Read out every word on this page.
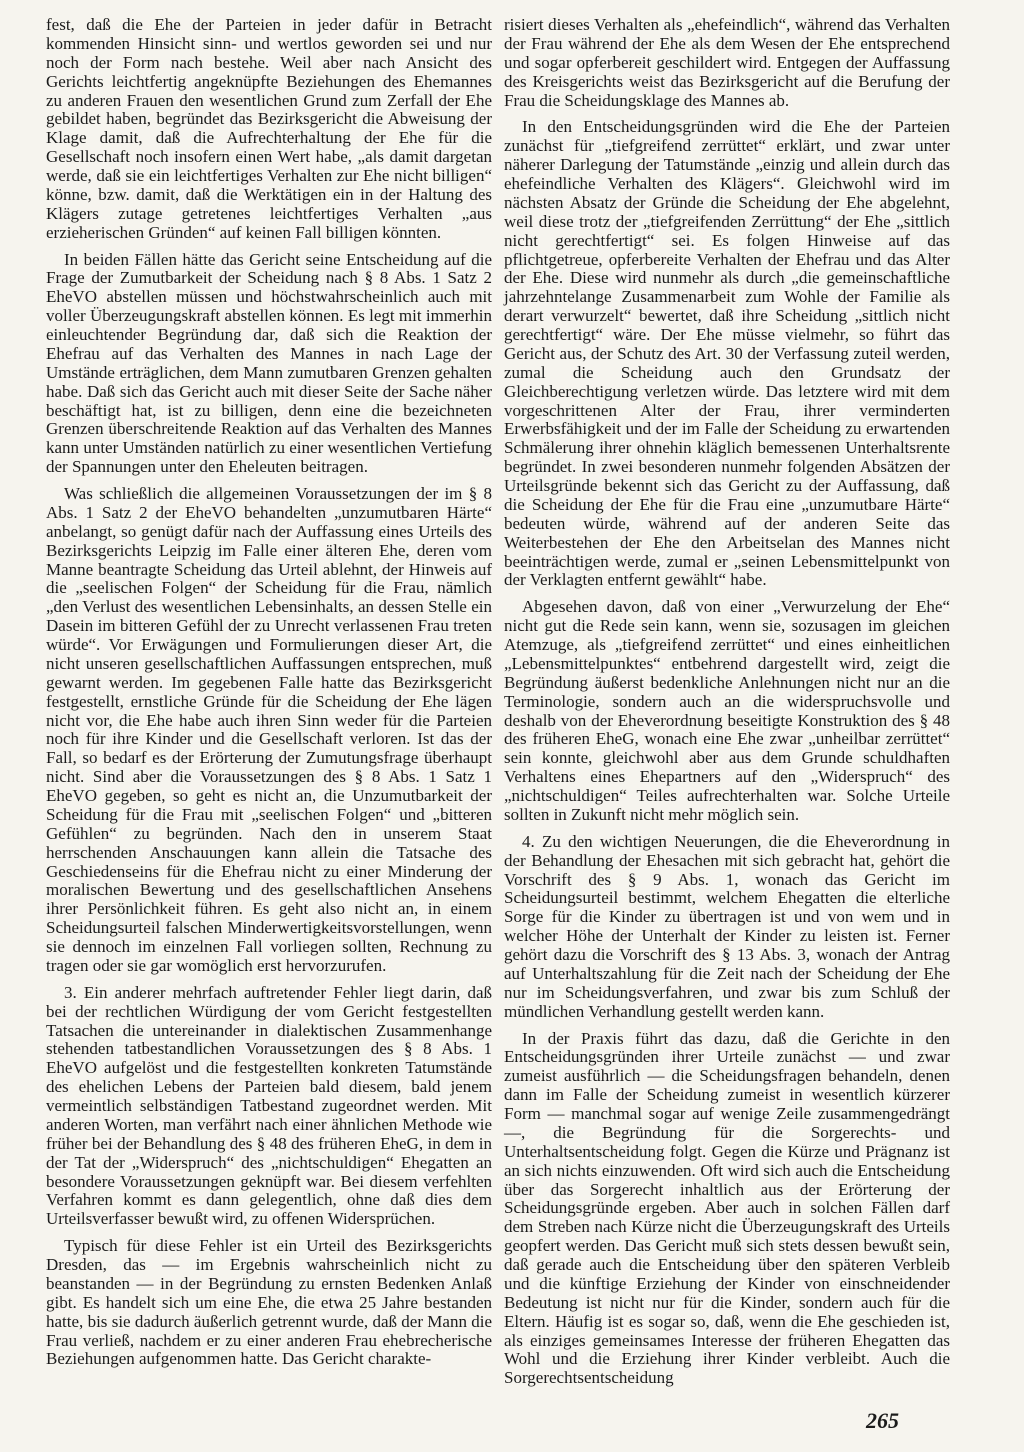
fest, daß die Ehe der Parteien in jeder dafür in Betracht kommenden Hinsicht sinn- und wertlos geworden sei und nur noch der Form nach bestehe. Weil aber nach Ansicht des Gerichts leichtfertig angeknüpfte Beziehungen des Ehemannes zu anderen Frauen den wesentlichen Grund zum Zerfall der Ehe gebildet haben, begründet das Bezirksgericht die Abweisung der Klage damit, daß die Aufrechterhaltung der Ehe für die Gesellschaft noch insofern einen Wert habe, „als damit dargetan werde, daß sie ein leichtfertiges Verhalten zur Ehe nicht billigen“ könne, bzw. damit, daß die Werktätigen ein in der Haltung des Klägers zutage getretenes leichtfertiges Verhalten „aus erzieherischen Gründen“ auf keinen Fall billigen könnten.

In beiden Fällen hätte das Gericht seine Entscheidung auf die Frage der Zumutbarkeit der Scheidung nach § 8 Abs. 1 Satz 2 EheVO abstellen müssen und höchstwahrscheinlich auch mit voller Überzeugungskraft abstellen können. Es legt mit immerhin einleuchtender Begründung dar, daß sich die Reaktion der Ehefrau auf das Verhalten des Mannes in nach Lage der Umstände erträglichen, dem Mann zumutbaren Grenzen gehalten habe. Daß sich das Gericht auch mit dieser Seite der Sache näher beschäftigt hat, ist zu billigen, denn eine die bezeichneten Grenzen überschreitende Reaktion auf das Verhalten des Mannes kann unter Umständen natürlich zu einer wesentlichen Vertiefung der Spannungen unter den Eheleuten beitragen.

Was schließlich die allgemeinen Voraussetzungen der im § 8 Abs. 1 Satz 2 der EheVO behandelten „unzumutbaren Härte“ anbelangt, so genügt dafür nach der Auffassung eines Urteils des Bezirksgerichts Leipzig im Falle einer älteren Ehe, deren vom Manne beantragte Scheidung das Urteil ablehnt, der Hinweis auf die „seelischen Folgen“ der Scheidung für die Frau, nämlich „den Verlust des wesentlichen Lebensinhalts, an dessen Stelle ein Dasein im bitteren Gefühl der zu Unrecht verlassenen Frau treten würde“. Vor Erwägungen und Formulierungen dieser Art, die nicht unseren gesellschaftlichen Auffassungen entsprechen, muß gewarnt werden. Im gegebenen Falle hatte das Bezirksgericht festgestellt, ernstliche Gründe für die Scheidung der Ehe lägen nicht vor, die Ehe habe auch ihren Sinn weder für die Parteien noch für ihre Kinder und die Gesellschaft verloren. Ist das der Fall, so bedarf es der Erörterung der Zumutungsfrage überhaupt nicht. Sind aber die Voraussetzungen des § 8 Abs. 1 Satz 1 EheVO gegeben, so geht es nicht an, die Unzumutbarkeit der Scheidung für die Frau mit „seelischen Folgen“ und „bitteren Gefühlen“ zu begründen. Nach den in unserem Staat herrschenden Anschauungen kann allein die Tatsache des Geschiedenseins für die Ehefrau nicht zu einer Minderung der moralischen Bewertung und des gesellschaftlichen Ansehens ihrer Persönlichkeit führen. Es geht also nicht an, in einem Scheidungsurteil falschen Minderwertigkeitsvorstellungen, wenn sie dennoch im einzelnen Fall vorliegen sollten, Rechnung zu tragen oder sie gar womöglich erst hervorzurufen.

3. Ein anderer mehrfach auftretender Fehler liegt darin, daß bei der rechtlichen Würdigung der vom Gericht festgestellten Tatsachen die untereinander in dialektischen Zusammenhange stehenden tatbestandlichen Voraussetzungen des § 8 Abs. 1 EheVO aufgelöst und die festgestellten konkreten Tatumstände des ehelichen Lebens der Parteien bald diesem, bald jenem vermeintlich selbständigen Tatbestand zugeordnet werden. Mit anderen Worten, man verfährt nach einer ähnlichen Methode wie früher bei der Behandlung des § 48 des früheren EheG, in dem in der Tat der „Widerspruch“ des „nichtschuldigen“ Ehegatten an besondere Voraussetzungen geknüpft war. Bei diesem verfehlten Verfahren kommt es dann gelegentlich, ohne daß dies dem Urteilsverfasser bewußt wird, zu offenen Widersprüchen.

Typisch für diese Fehler ist ein Urteil des Bezirksgerichts Dresden, das — im Ergebnis wahrscheinlich nicht zu beanstanden — in der Begründung zu ernsten Bedenken Anlaß gibt. Es handelt sich um eine Ehe, die etwa 25 Jahre bestanden hatte, bis sie dadurch äußerlich getrennt wurde, daß der Mann die Frau verließ, nachdem er zu einer anderen Frau ehebrecherische Beziehungen aufgenommen hatte. Das Gericht charakte-

risiert dieses Verhalten als „ehefeindlich“, während das Verhalten der Frau während der Ehe als dem Wesen der Ehe entsprechend und sogar opferbereit geschildert wird. Entgegen der Auffassung des Kreisgerichts weist das Bezirksgericht auf die Berufung der Frau die Scheidungsklage des Mannes ab.

In den Entscheidungsgründen wird die Ehe der Parteien zunächst für „tiefgreifend zerrüttet“ erklärt, und zwar unter näherer Darlegung der Tatumstände „einzig und allein durch das ehefeindliche Verhalten des Klägers“. Gleichwohl wird im nächsten Absatz der Gründe die Scheidung der Ehe abgelehnt, weil diese trotz der „tiefgreifenden Zerrüttung“ der Ehe „sittlich nicht gerechtfertigt“ sei. Es folgen Hinweise auf das pflichtgetreue, opferbereite Verhalten der Ehefrau und das Alter der Ehe. Diese wird nunmehr als durch „die gemeinschaftliche jahrzehntelange Zusammenarbeit zum Wohle der Familie als derart verwurzelt“ bewertet, daß ihre Scheidung „sittlich nicht gerechtfertigt“ wäre. Der Ehe müsse vielmehr, so führt das Gericht aus, der Schutz des Art. 30 der Verfassung zuteil werden, zumal die Scheidung auch den Grundsatz der Gleichberechtigung verletzen würde. Das letztere wird mit dem vorgeschrittenen Alter der Frau, ihrer verminderten Erwerbsfähigkeit und der im Falle der Scheidung zu erwartenden Schmälerung ihrer ohnehin kläglich bemessenen Unterhaltsrente begründet. In zwei besonderen nunmehr folgenden Absätzen der Urteilsgründe bekennt sich das Gericht zu der Auffassung, daß die Scheidung der Ehe für die Frau eine „unzumutbare Härte“ bedeuten würde, während auf der anderen Seite das Weiterbestehen der Ehe den Arbeitselan des Mannes nicht beeinträchtigen werde, zumal er „seinen Lebensmittelpunkt von der Verklagten entfernt gewählt“ habe.

Abgesehen davon, daß von einer „Verwurzelung der Ehe“ nicht gut die Rede sein kann, wenn sie, sozusagen im gleichen Atemzuge, als „tiefgreifend zerrüttet“ und eines einheitlichen „Lebensmittelpunktes“ entbehrend dargestellt wird, zeigt die Begründung äußerst bedenkliche Anlehnungen nicht nur an die Terminologie, sondern auch an die widerspruchsvolle und deshalb von der Eheverordnung beseitigte Konstruktion des § 48 des früheren EheG, wonach eine Ehe zwar „unheilbar zerrüttet“ sein konnte, gleichwohl aber aus dem Grunde schuldhaften Verhaltens eines Ehepartners auf den „Widerspruch“ des „nichtschuldigen“ Teiles aufrechterhalten war. Solche Urteile sollten in Zukunft nicht mehr möglich sein.

4. Zu den wichtigen Neuerungen, die die Eheverordnung in der Behandlung der Ehesachen mit sich gebracht hat, gehört die Vorschrift des § 9 Abs. 1, wonach das Gericht im Scheidungsurteil bestimmt, welchem Ehegatten die elterliche Sorge für die Kinder zu übertragen ist und von wem und in welcher Höhe der Unterhalt der Kinder zu leisten ist. Ferner gehört dazu die Vorschrift des § 13 Abs. 3, wonach der Antrag auf Unterhaltszahlung für die Zeit nach der Scheidung der Ehe nur im Scheidungsverfahren, und zwar bis zum Schluß der mündlichen Verhandlung gestellt werden kann.

In der Praxis führt das dazu, daß die Gerichte in den Entscheidungsgründen ihrer Urteile zunächst — und zwar zumeist ausführlich — die Scheidungsfragen behandeln, denen dann im Falle der Scheidung zumeist in wesentlich kürzerer Form — manchmal sogar auf wenige Zeile zusammengedrängt —, die Begründung für die Sorgerechts- und Unterhaltsentscheidung folgt. Gegen die Kürze und Prägnanz ist an sich nichts einzuwenden. Oft wird sich auch die Entscheidung über das Sorgerecht inhaltlich aus der Erörterung der Scheidungsgründe ergeben. Aber auch in solchen Fällen darf dem Streben nach Kürze nicht die Überzeugungskraft des Urteils geopfert werden. Das Gericht muß sich stets dessen bewußt sein, daß gerade auch die Entscheidung über den späteren Verbleib und die künftige Erziehung der Kinder von einschneidender Bedeutung ist nicht nur für die Kinder, sondern auch für die Eltern. Häufig ist es sogar so, daß, wenn die Ehe geschieden ist, als einziges gemeinsames Interesse der früheren Ehegatten das Wohl und die Erziehung ihrer Kinder verbleibt. Auch die Sorgerechtsentscheidung

265
